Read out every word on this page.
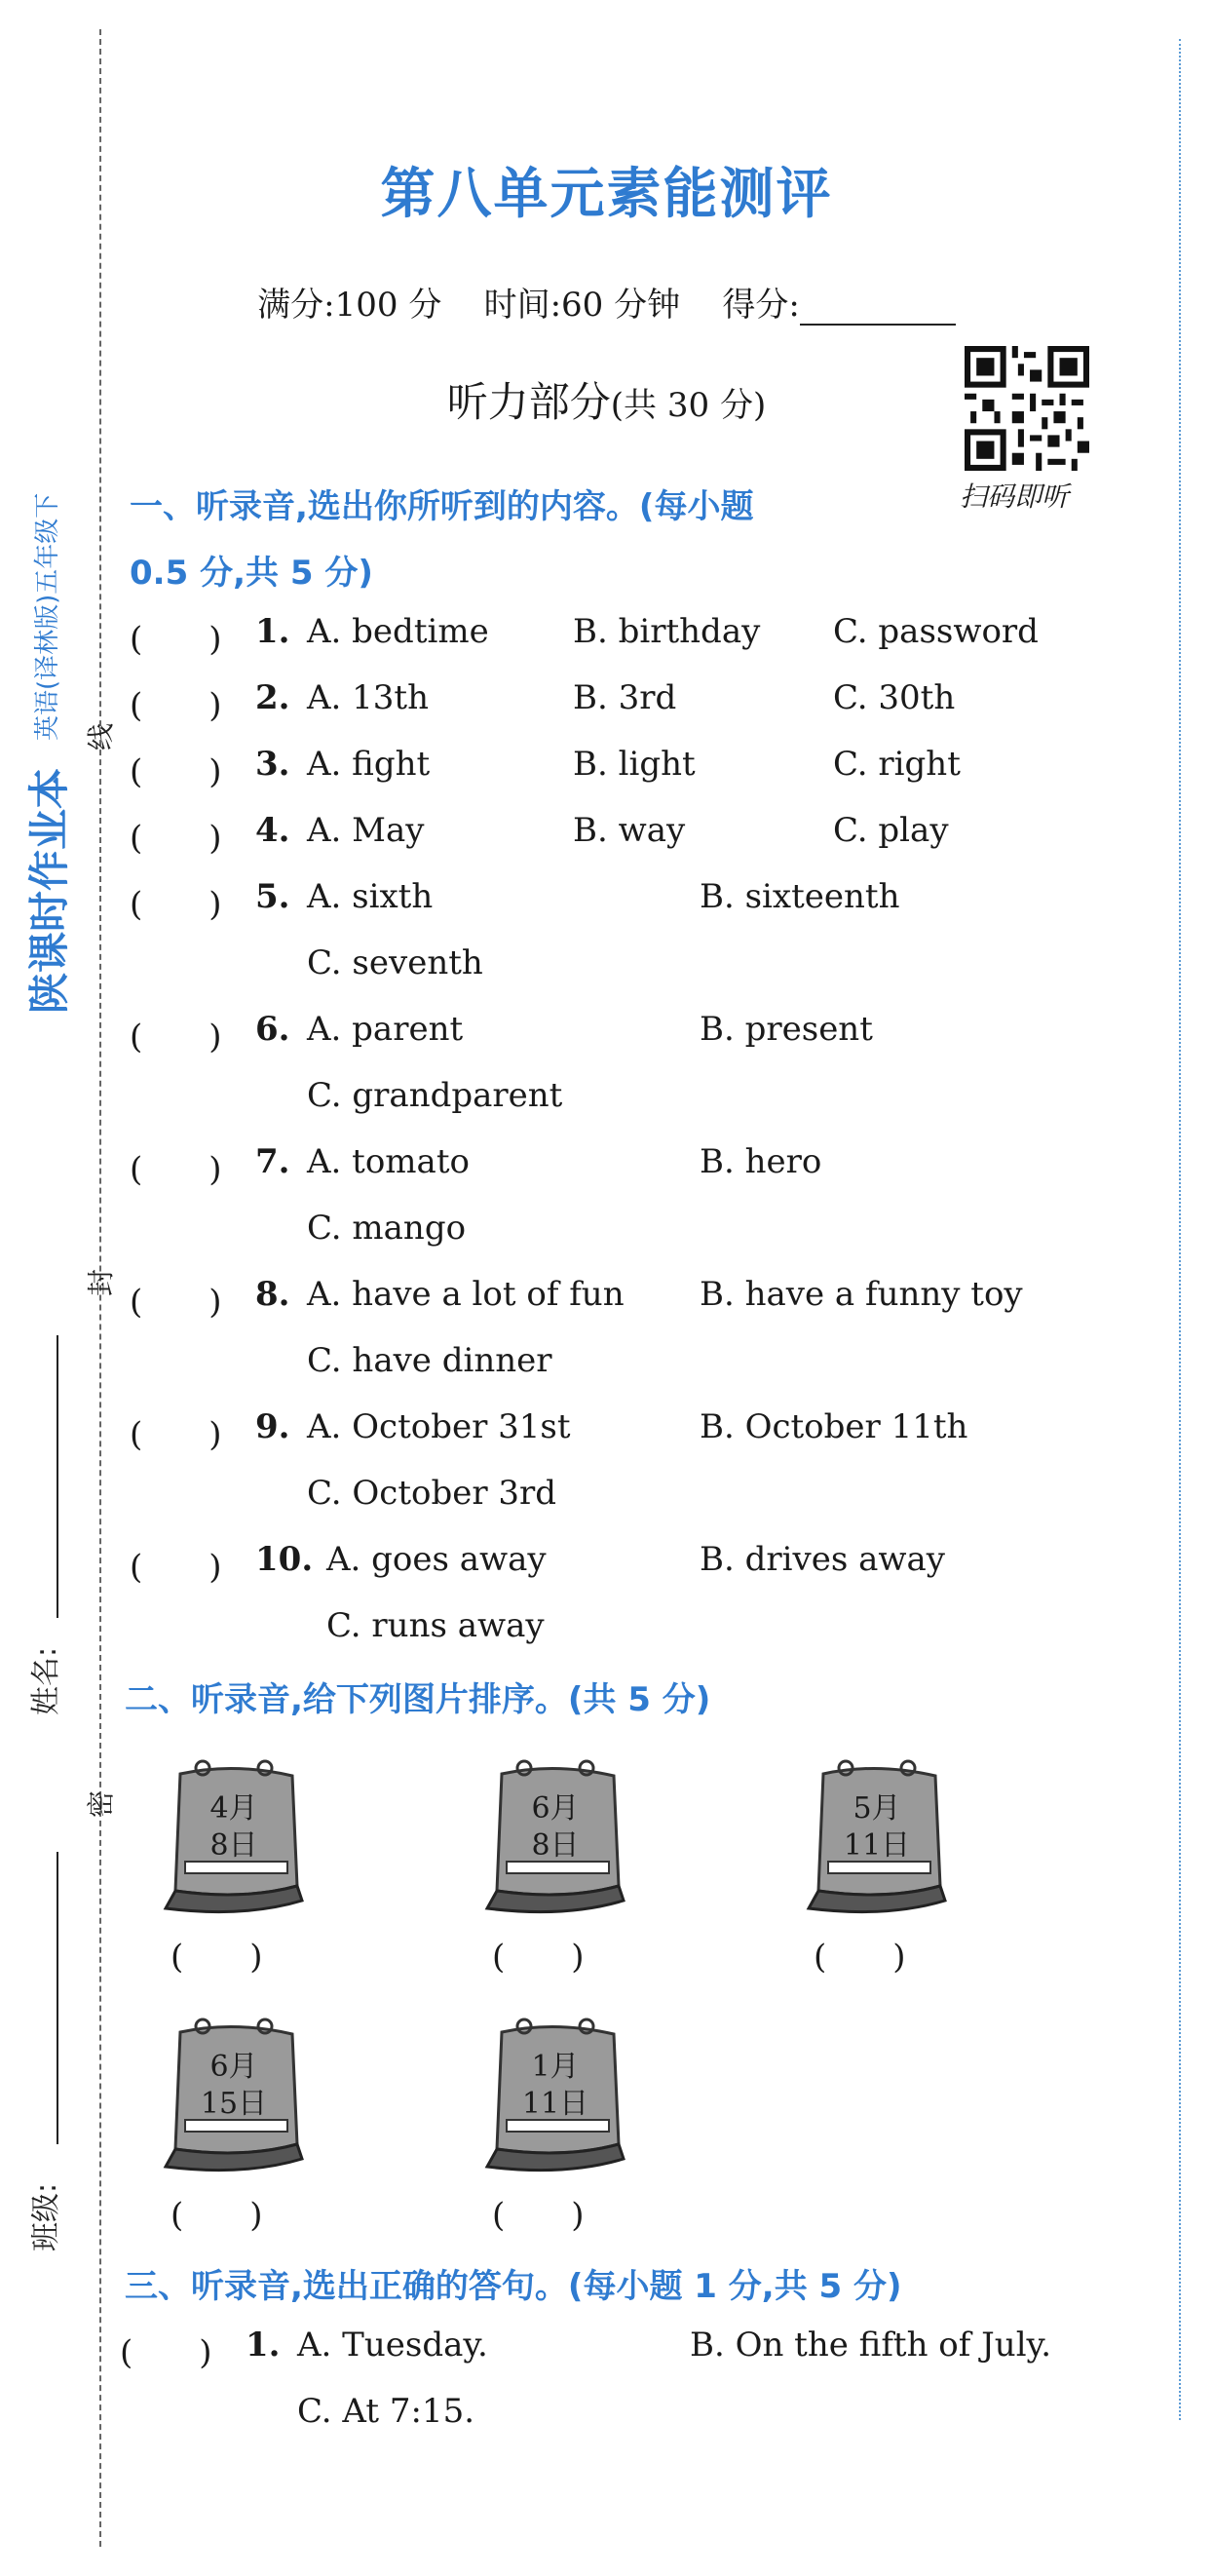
陕课时作业本
英语(译林版)五年级下 线
封
密
姓名:
班级:
第八单元素能测评
满分:100 分 时间:60 分钟 得分:
听力部分(共 30 分)
扫码即听
一、听录音,选出你所听到的内容。(每小题
0.5 分,共 5 分)
(　　) 1. A. bedtime	B. birthday C. password
(　　) 2. A. 13th	B. 3rd	C. 30th
(　　) 3. A. fight	B. light	C. right
(　　) 4. A. May	B. way	C. play
(　　) 5. A. sixth	B. sixteenth
C. seventh
(　　) 6. A. parent	B. present
C. grandparent
(　　) 7. A. tomato	B. hero
C. mango
(　　) 8. A. have a lot of fun B. have a funny toy
C. have dinner
(　　) 9. A. October 31st	B. October 11th
C. October 3rd
(　　) 10. A. goes away	B. drives away
C. runs away
二、听录音,给下列图片排序。(共 5 分)
4月
8日
(　　)
6月
8日
(　　)
5月
11日
(　　)
6月
15日
(　　)
1月
11日
(　　)
三、听录音,选出正确的答句。(每小题 1 分,共 5 分)
(　　) 1. A. Tuesday.	B. On the fifth of July.
C. At 7:15.
